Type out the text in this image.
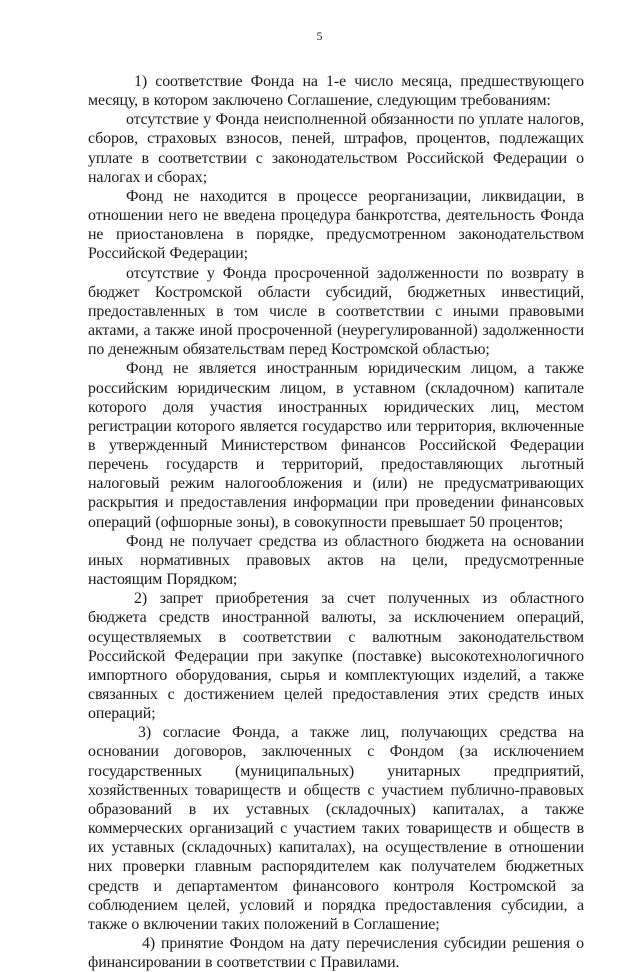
5

1) соответствие Фонда на 1-е число месяца, предшествующего месяцу, в котором заключено Соглашение, следующим требованиям:

отсутствие у Фонда неисполненной обязанности по уплате налогов, сборов, страховых взносов, пеней, штрафов, процентов, подлежащих уплате в соответствии с законодательством Российской Федерации о налогах и сборах;

Фонд не находится в процессе реорганизации, ликвидации, в отношении него не введена процедура банкротства, деятельность Фонда не приостановлена в порядке, предусмотренном законодательством Российской Федерации;

отсутствие у Фонда просроченной задолженности по возврату в бюджет Костромской области субсидий, бюджетных инвестиций, предоставленных в том числе в соответствии с иными правовыми актами, а также иной просроченной (неурегулированной) задолженности по денежным обязательствам перед Костромской областью;

Фонд не является иностранным юридическим лицом, а также российским юридическим лицом, в уставном (складочном) капитале которого доля участия иностранных юридических лиц, местом регистрации которого является государство или территория, включенные в утвержденный Министерством финансов Российской Федерации перечень государств и территорий, предоставляющих льготный налоговый режим налогообложения и (или) не предусматривающих раскрытия и предоставления информации при проведении финансовых операций (офшорные зоны), в совокупности превышает 50 процентов;

Фонд не получает средства из областного бюджета на основании иных нормативных правовых актов на цели, предусмотренные настоящим Порядком;

2) запрет приобретения за счет полученных из областного бюджета средств иностранной валюты, за исключением операций, осуществляемых в соответствии с валютным законодательством Российской Федерации при закупке (поставке) высокотехнологичного импортного оборудования, сырья и комплектующих изделий, а также связанных с достижением целей предоставления этих средств иных операций;

3) согласие Фонда, а также лиц, получающих средства на основании договоров, заключенных с Фондом (за исключением государственных (муниципальных) унитарных предприятий, хозяйственных товариществ и обществ с участием публично-правовых образований в их уставных (складочных) капиталах, а также коммерческих организаций с участием таких товариществ и обществ в их уставных (складочных) капиталах), на осуществление в отношении них проверки главным распорядителем как получателем бюджетных средств и департаментом финансового контроля Костромской за соблюдением целей, условий и порядка предоставления субсидии, а также о включении таких положений в Соглашение;

4) принятие Фондом на дату перечисления субсидии решения о финансировании в соответствии с Правилами.
